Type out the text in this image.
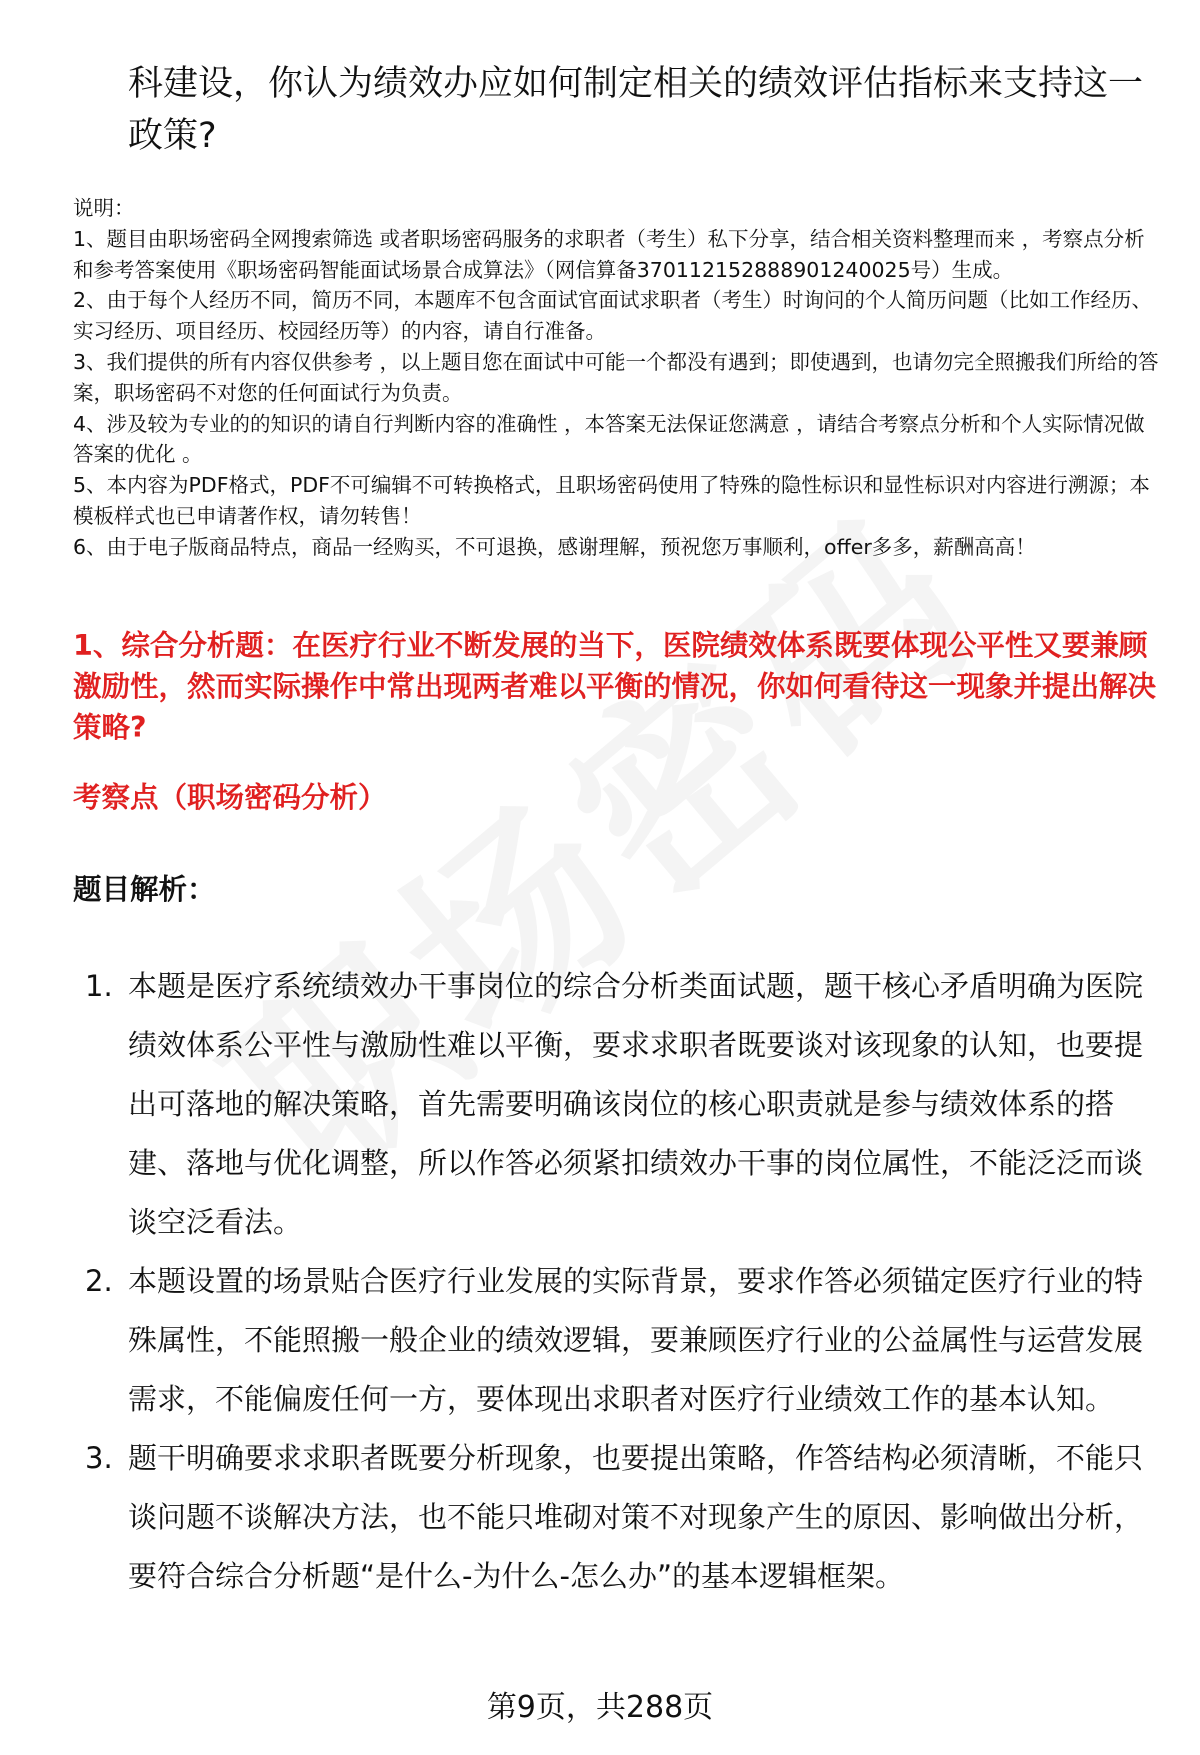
科建设，你认为绩效办应如何制定相关的绩效评估指标来支持这一政策?

说明：

1、题目由职场密码全网搜索筛选 或者职场密码服务的求职者（考生）私下分享，结合相关资料整理而来 ，考察点分析和参考答案使用《职场密码智能面试场景合成算法》（网信算备370112152888901240025号）生成。

2、由于每个人经历不同，简历不同，本题库不包含面试官面试求职者（考生）时询问的个人简历问题（比如工作经历、实习经历、项目经历、校园经历等）的内容，请自行准备。

3、我们提供的所有内容仅供参考 ，以上题目您在面试中可能一个都没有遇到；即使遇到，也请勿完全照搬我们所给的答案，职场密码不对您的任何面试行为负责。

4、涉及较为专业的的知识的请自行判断内容的准确性 ，本答案无法保证您满意 ，请结合考察点分析和个人实际情况做答案的优化 。

5、本内容为PDF格式，PDF不可编辑不可转换格式，且职场密码使用了特殊的隐性标识和显性标识对内容进行溯源；本模板样式也已申请著作权，请勿转售！

6、由于电子版商品特点，商品一经购买，不可退换，感谢理解，预祝您万事顺利，offer多多，薪酬高高！

1、综合分析题：在医疗行业不断发展的当下，医院绩效体系既要体现公平性又要兼顾激励性，然而实际操作中常出现两者难以平衡的情况，你如何看待这一现象并提出解决策略?
考察点（职场密码分析）
题目解析：
1. 本题是医疗系统绩效办干事岗位的综合分析类面试题，题干核心矛盾明确为医院绩效体系公平性与激励性难以平衡，要求求职者既要谈对该现象的认知，也要提出可落地的解决策略，首先需要明确该岗位的核心职责就是参与绩效体系的搭建、落地与优化调整，所以作答必须紧扣绩效办干事的岗位属性，不能泛泛而谈谈空泛看法。
2. 本题设置的场景贴合医疗行业发展的实际背景，要求作答必须锚定医疗行业的特殊属性，不能照搬一般企业的绩效逻辑，要兼顾医疗行业的公益属性与运营发展需求，不能偏废任何一方，要体现出求职者对医疗行业绩效工作的基本认知。
3. 题干明确要求求职者既要分析现象，也要提出策略，作答结构必须清晰，不能只谈问题不谈解决方法，也不能只堆砌对策不对现象产生的原因、影响做出分析，要符合综合分析题“是什么-为什么-怎么办”的基本逻辑框架。
第9页，共288页
